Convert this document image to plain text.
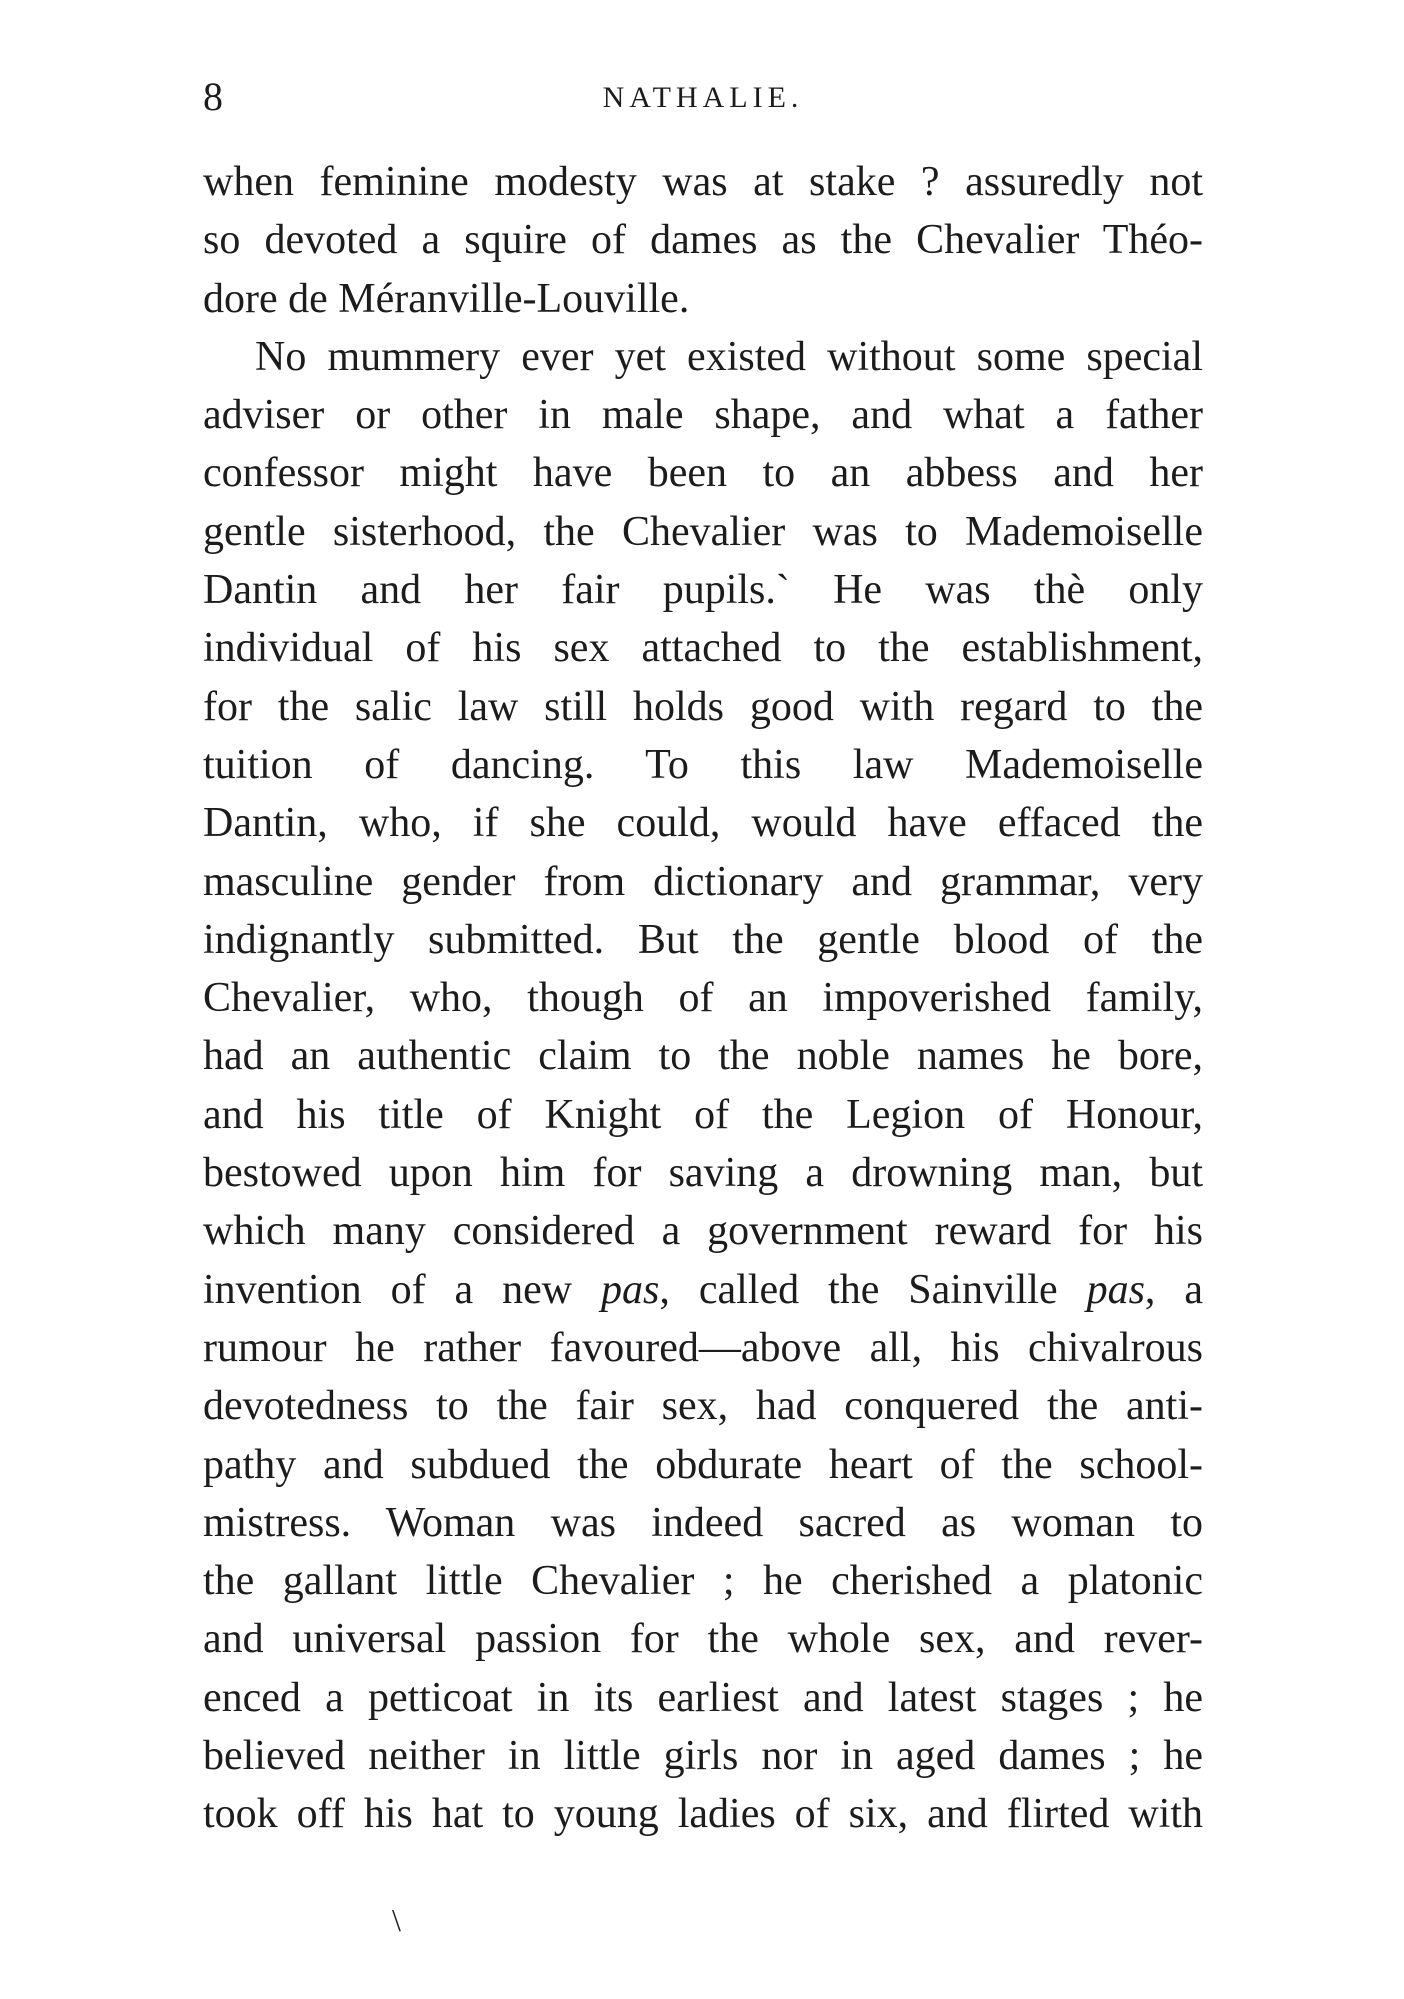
8	NATHALIE.
when feminine modesty was at stake ? assuredly not
so devoted a squire of dames as the Chevalier Théo-
dore de Méranville-Louville.
No mummery ever yet existed without some special
adviser or other in male shape, and what a father
confessor might have been to an abbess and her
gentle sisterhood, the Chevalier was to Mademoiselle
Dantin and her fair pupils.` He was thè only
individual of his sex attached to the establishment,
for the salic law still holds good with regard to the
tuition of dancing. To this law Mademoiselle
Dantin, who, if she could, would have effaced the
masculine gender from dictionary and grammar, very
indignantly submitted. But the gentle blood of the
Chevalier, who, though of an impoverished family,
had an authentic claim to the noble names he bore,
and his title of Knight of the Legion of Honour,
bestowed upon him for saving a drowning man, but
which many considered a government reward for his
invention of a new pas, called the Sainville pas, a
rumour he rather favoured—above all, his chivalrous
devotedness to the fair sex, had conquered the anti-
pathy and subdued the obdurate heart of the school-
mistress. Woman was indeed sacred as woman to
the gallant little Chevalier ; he cherished a platonic
and universal passion for the whole sex, and rever-
enced a petticoat in its earliest and latest stages ; he
believed neither in little girls nor in aged dames ; he
took off his hat to young ladies of six, and flirted with
\
